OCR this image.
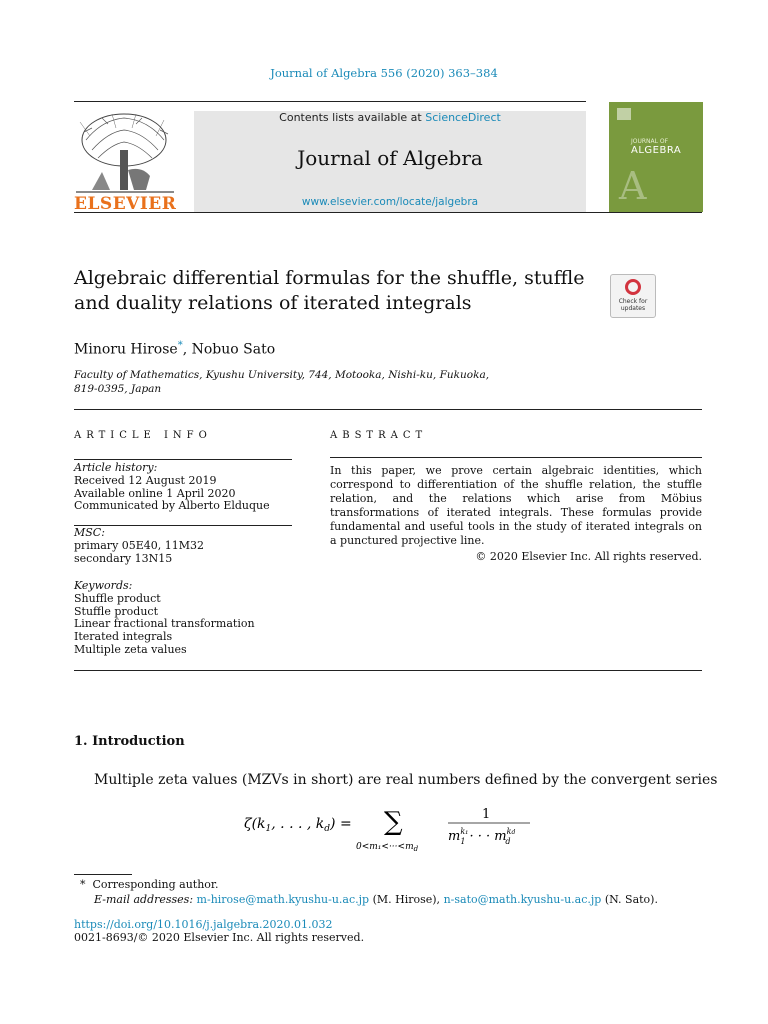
Journal of Algebra 556 (2020) 363–384
ELSEVIER
Contents lists available at ScienceDirect
Journal of Algebra
www.elsevier.com/locate/jalgebra
JOURNAL OF
ALGEBRA
A
Algebraic differential formulas for the shuffle, stuffle
and duality relations of iterated integrals	Check for
updates
Minoru Hirose*, Nobuo Sato
Faculty of Mathematics, Kyushu University, 744, Motooka, Nishi-ku, Fukuoka,
819-0395, Japan
ARTICLE INFO
Article history:
Received 12 August 2019
Available online 1 April 2020
Communicated by Alberto Elduque
MSC:
primary 05E40, 11M32
secondary 13N15
Keywords:
Shuffle product
Stuffle product
Linear fractional transformation
Iterated integrals
Multiple zeta values
ABSTRACT
In this paper, we prove certain algebraic identities, which correspond to differentiation of the shuffle relation, the stuffle relation, and the relations which arise from Möbius transformations of iterated integrals. These formulas provide fundamental and useful tools in the study of iterated integrals on a punctured projective line.
© 2020 Elsevier Inc. All rights reserved.
1. Introduction
Multiple zeta values (MZVs in short) are real numbers defined by the convergent series
$\zeta(k_1$, . . . , $k_d$) = ∑
$0<m_1<\cdot\cdot\cdot<m_d$
1
$m^{k_1}$ 1 · · · $m^{kd}$ d
* Corresponding author.
E-mail addresses: m-hirose@math.kyushu-u.ac.jp (M. Hirose), n-sato@math.kyushu-u.ac.jp (N. Sato).
https://doi.org/10.1016/j.jalgebra.2020.01.032
0021-8693/© 2020 Elsevier Inc. All rights reserved.
